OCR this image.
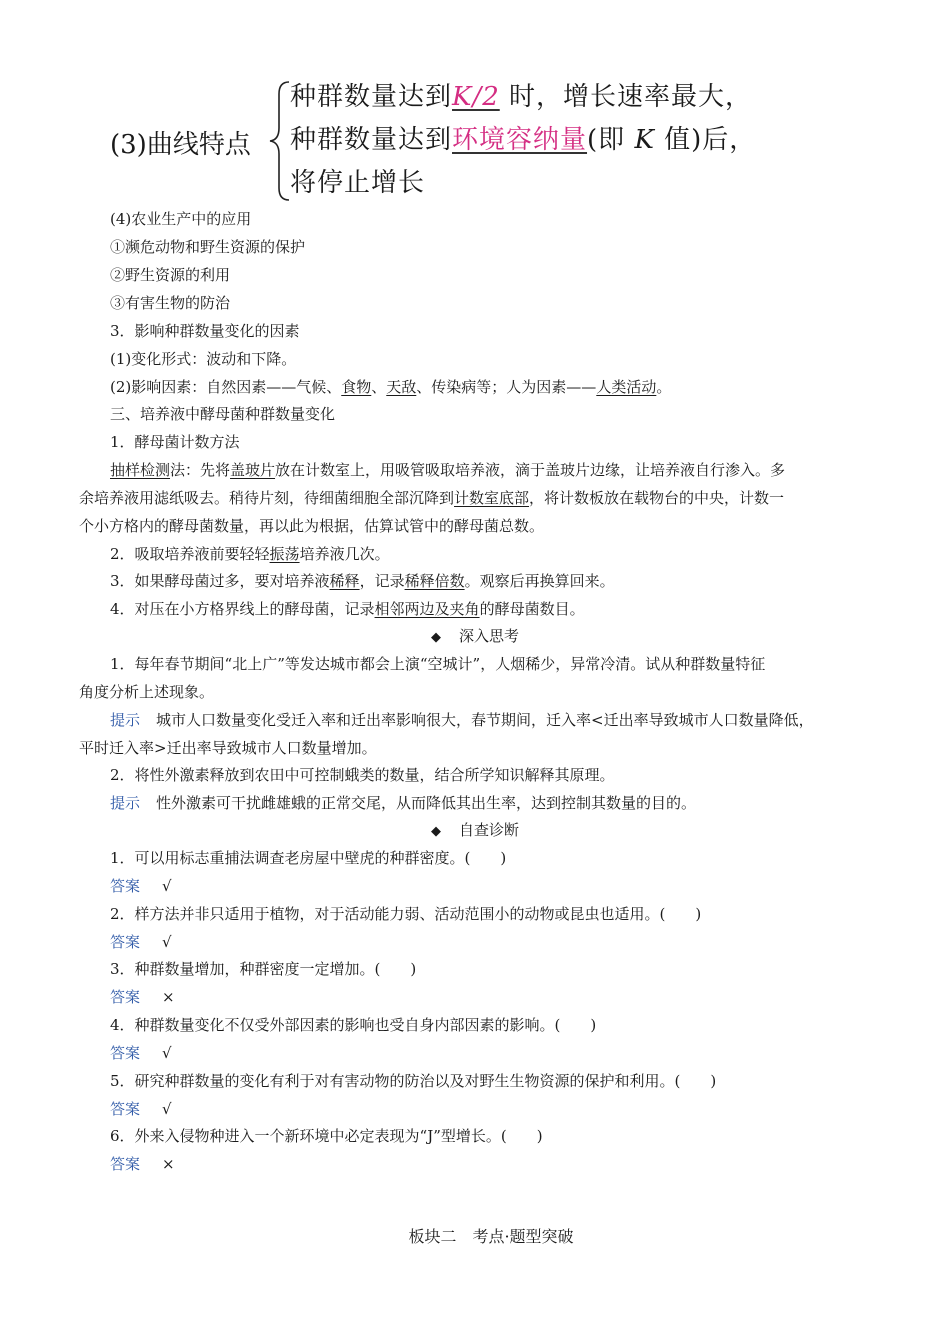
(3)曲线特点
种群数量达到K/2 时，增长速率最大，
种群数量达到环境容纳量(即 K 值)后，
将停止增长
(4)农业生产中的应用
①濒危动物和野生资源的保护
②野生资源的利用
③有害生物的防治
3．影响种群数量变化的因素
(1)变化形式：波动和下降。
(2)影响因素：自然因素——气候、食物、天敌、传染病等；人为因素——人类活动。
三、培养液中酵母菌种群数量变化
1．酵母菌计数方法
抽样检测法：先将盖玻片放在计数室上，用吸管吸取培养液，滴于盖玻片边缘，让培养液自行渗入。多
余培养液用滤纸吸去。稍待片刻，待细菌细胞全部沉降到计数室底部，将计数板放在载物台的中央，计数一
个小方格内的酵母菌数量，再以此为根据，估算试管中的酵母菌总数。
2．吸取培养液前要轻轻振荡培养液几次。
3．如果酵母菌过多，要对培养液稀释，记录稀释倍数。观察后再换算回来。
4．对压在小方格界线上的酵母菌，记录相邻两边及夹角的酵母菌数目。
◆ 深入思考
1．每年春节期间“北上广”等发达城市都会上演“空城计”，人烟稀少，异常冷清。试从种群数量特征
角度分析上述现象。
提示 城市人口数量变化受迁入率和迁出率影响很大，春节期间，迁入率<迁出率导致城市人口数量降低，
平时迁入率>迁出率导致城市人口数量增加。
2．将性外激素释放到农田中可控制蛾类的数量，结合所学知识解释其原理。
提示 性外激素可干扰雌雄蛾的正常交尾，从而降低其出生率，达到控制其数量的目的。
◆ 自查诊断
1．可以用标志重捕法调查老房屋中壁虎的种群密度。(　　)
答案 √
2．样方法并非只适用于植物，对于活动能力弱、活动范围小的动物或昆虫也适用。(　　)
答案 √
3．种群数量增加，种群密度一定增加。(　　)
答案 ×
4．种群数量变化不仅受外部因素的影响也受自身内部因素的影响。(　　)
答案 √
5．研究种群数量的变化有利于对有害动物的防治以及对野生生物资源的保护和利用。(　　)
答案 √
6．外来入侵物种进入一个新环境中必定表现为“J”型增长。(　　)
答案 ×
板块二　考点·题型突破
